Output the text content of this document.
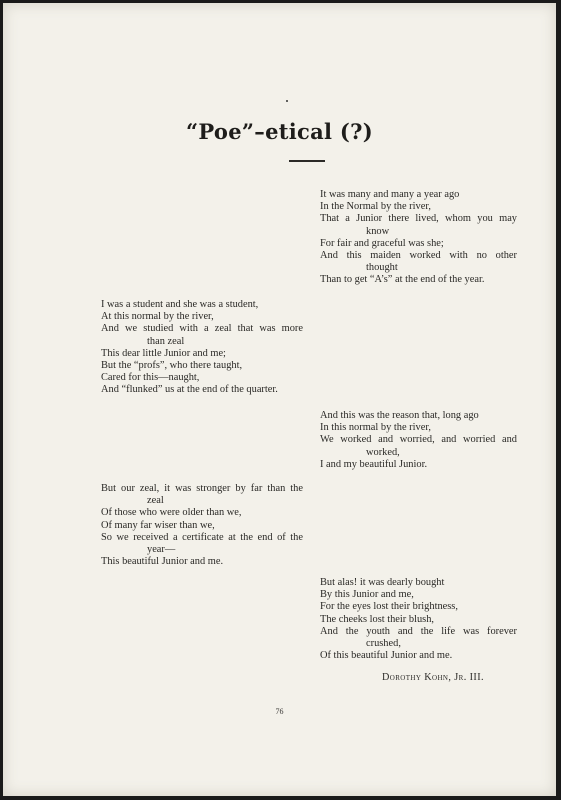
“Poe”–etical (?)
It was many and many a year ago
In the Normal by the river,
That a Junior there lived, whom you may
know
For fair and graceful was she;
And this maiden worked with no other
thought
Than to get “A’s” at the end of the year.
I was a student and she was a student,
At this normal by the river,
And we studied with a zeal that was more
than zeal
This dear little Junior and me;
But the “profs”, who there taught,
Cared for this—naught,
And “flunked” us at the end of the quarter.
And this was the reason that, long ago
In this normal by the river,
We worked and worried, and worried and
worked,
I and my beautiful Junior.
But our zeal, it was stronger by far than the
zeal
Of those who were older than we,
Of many far wiser than we,
So we received a certificate at the end of the
year—
This beautiful Junior and me.
But alas! it was dearly bought
By this Junior and me,
For the eyes lost their brightness,
The cheeks lost their blush,
And the youth and the life was forever
crushed,
Of this beautiful Junior and me.
Dorothy Kohn, Jr. III.
76
